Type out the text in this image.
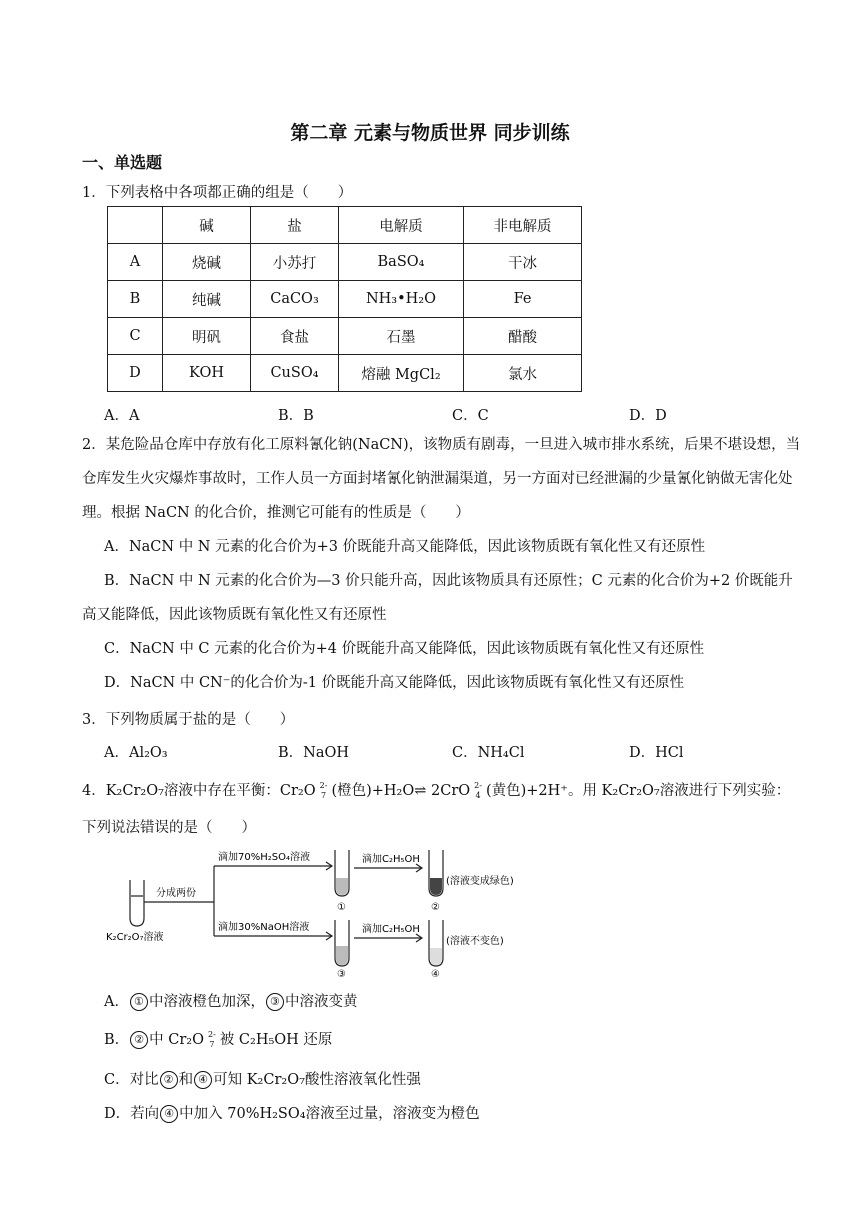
第二章 元素与物质世界 同步训练
一、单选题
1．下列表格中各项都正确的组是（　　）
	碱	盐	电解质	非电解质
A	烧碱	小苏打	BaSO₄	干冰
B	纯碱	CaCO₃	NH₃•H₂O	Fe
C	明矾	食盐	石墨	醋酸
D	KOH	CuSO₄	熔融 MgCl₂	氯水
A．A	B．B	C．C	D．D
2．某危险品仓库中存放有化工原料氰化钠(NaCN)，该物质有剧毒，一旦进入城市排水系统，后果不堪设想，当仓库发生火灾爆炸事故时，工作人员一方面封堵氰化钠泄漏渠道，另一方面对已经泄漏的少量氰化钠做无害化处理。根据 NaCN 的化合价，推测它可能有的性质是（　　）
A．NaCN 中 N 元素的化合价为+3 价既能升高又能降低，因此该物质既有氧化性又有还原性
B．NaCN 中 N 元素的化合价为—3 价只能升高，因此该物质具有还原性；C 元素的化合价为+2 价既能升高又能降低，因此该物质既有氧化性又有还原性
C．NaCN 中 C 元素的化合价为+4 价既能升高又能降低，因此该物质既有氧化性又有还原性
D．NaCN 中 CN⁻的化合价为-1 价既能升高又能降低，因此该物质既有氧化性又有还原性
3．下列物质属于盐的是（　　）
A．Al₂O₃	B．NaOH	C．NH₄Cl	D．HCl
4．K₂Cr₂O₇溶液中存在平衡：Cr₂O 2-
7 (橙色)+H₂O⇌ 2CrO 2-
4 (黄色)+2H⁺。用 K₂Cr₂O₇溶液进行下列实验：
下列说法错误的是（　　）
K₂Cr₂O₇溶液
分成两份
滴加70%H₂SO₄溶液
滴加30%NaOH溶液
滴加C₂H₅OH
滴加C₂H₅OH
①	②
③	④
(溶液变成绿色)
(溶液不变色)
A． ① 中溶液橙色加深， ③ 中溶液变黄
B． ② 中 Cr₂O 2-
7 被 C₂H₅OH 还原
C．对比 ② 和 ④ 可知 K₂Cr₂O₇酸性溶液氧化性强
D．若向 ④ 中加入 70%H₂SO₄溶液至过量，溶液变为橙色
